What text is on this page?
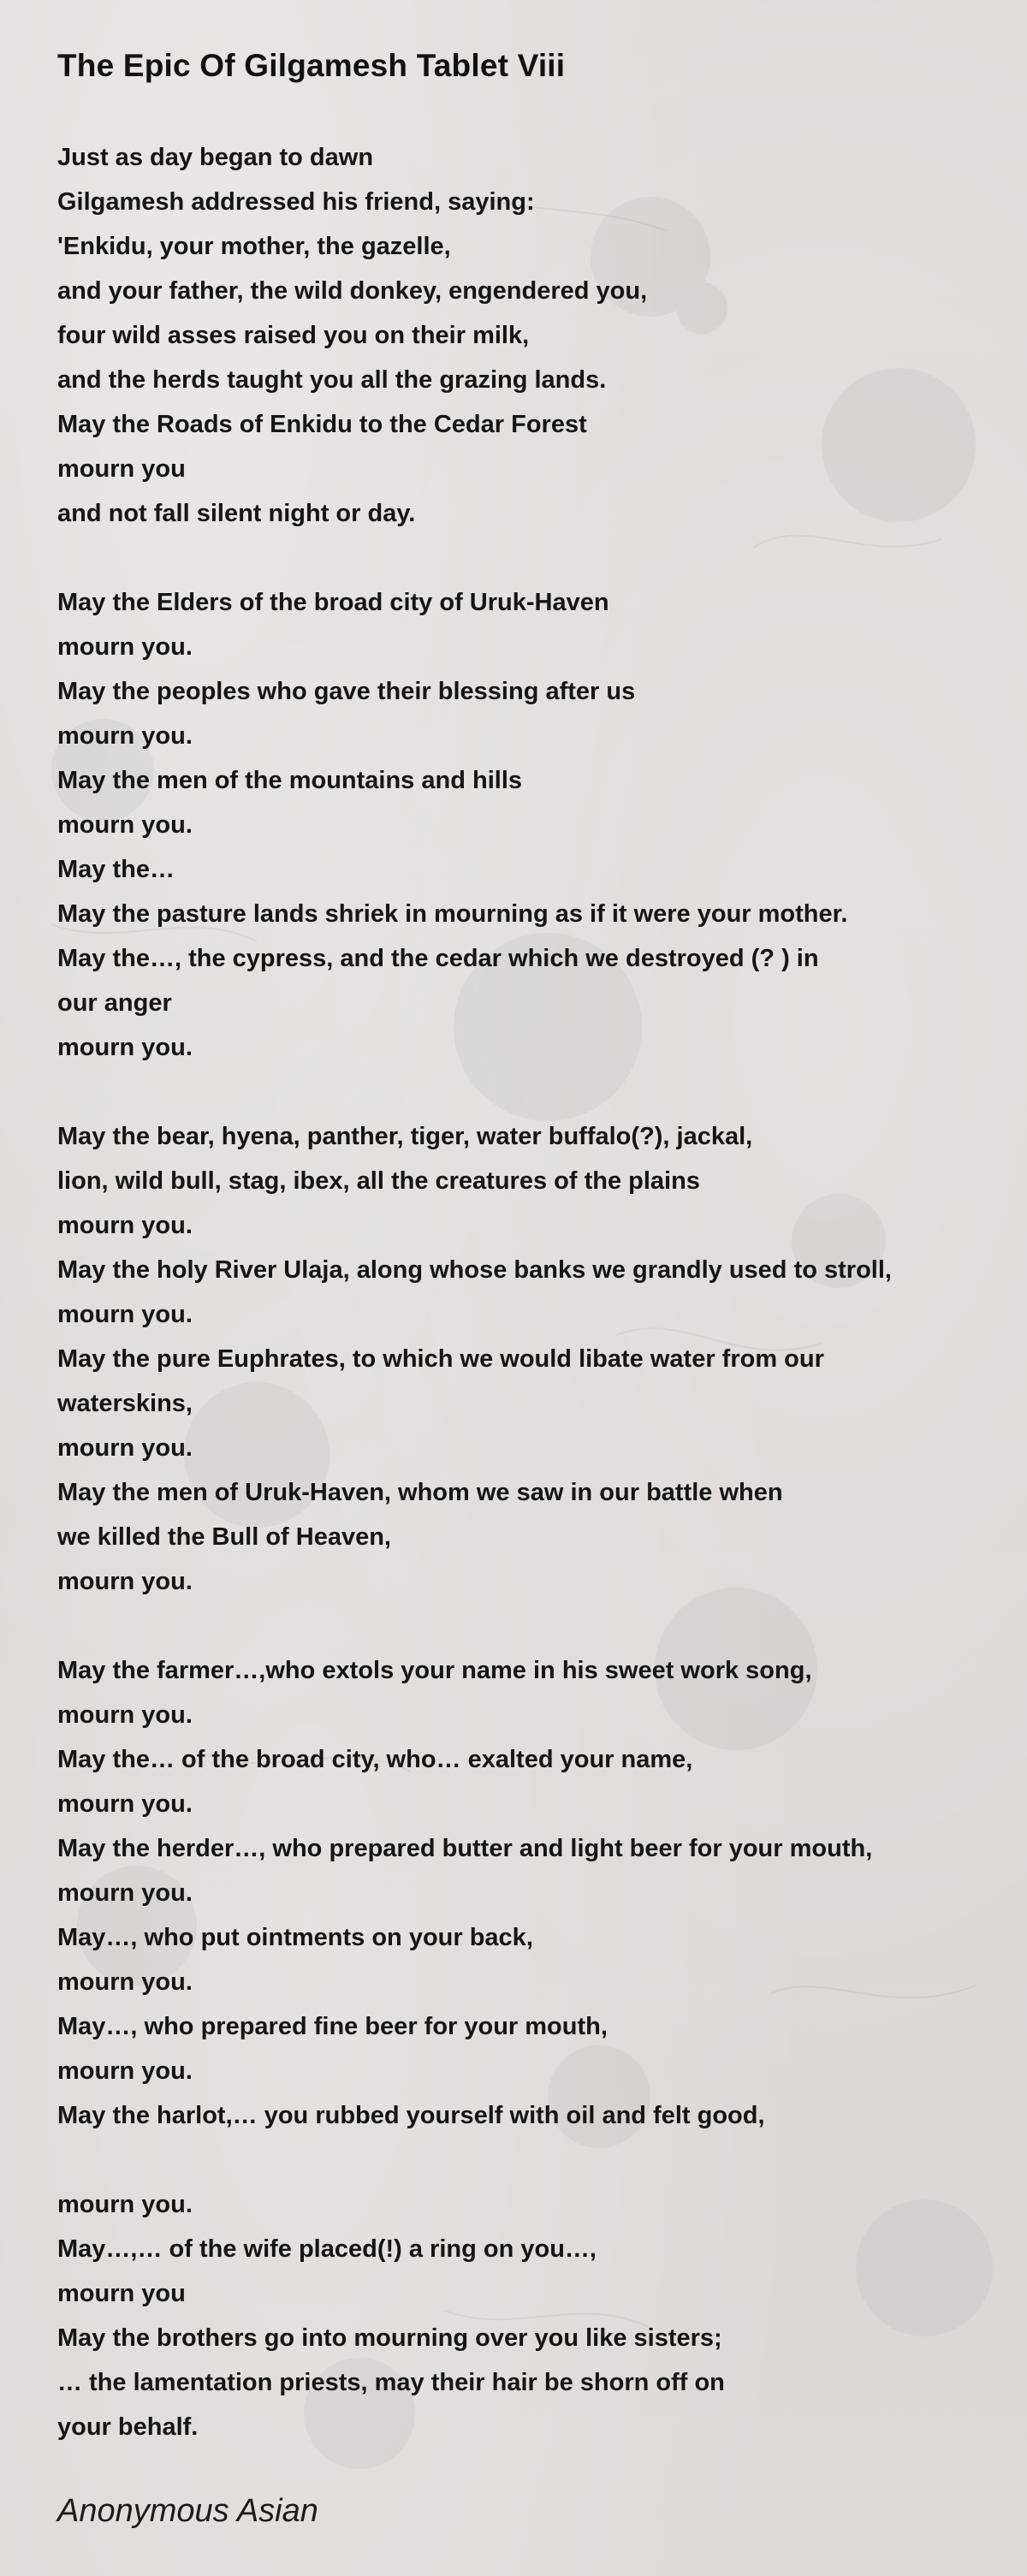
The Epic Of Gilgamesh Tablet Viii
Just as day began to dawn
Gilgamesh addressed his friend, saying:
'Enkidu, your mother, the gazelle,
and your father, the wild donkey, engendered you,
four wild asses raised you on their milk,
and the herds taught you all the grazing lands.
May the Roads of Enkidu to the Cedar Forest
mourn you
and not fall silent night or day.
May the Elders of the broad city of Uruk-Haven
mourn you.
May the peoples who gave their blessing after us
mourn you.
May the men of the mountains and hills
mourn you.
May the…
May the pasture lands shriek in mourning as if it were your mother.
May the…, the cypress, and the cedar which we destroyed (? ) in
our anger
mourn you.
May the bear, hyena, panther, tiger, water buffalo(?), jackal,
lion, wild bull, stag, ibex, all the creatures of the plains
mourn you.
May the holy River Ulaja, along whose banks we grandly used to stroll,
mourn you.
May the pure Euphrates, to which we would libate water from our
waterskins,
mourn you.
May the men of Uruk-Haven, whom we saw in our battle when
we killed the Bull of Heaven,
mourn you.
May the farmer…,who extols your name in his sweet work song,
mourn you.
May the… of the broad city, who… exalted your name,
mourn you.
May the herder…, who prepared butter and light beer for your mouth,
mourn you.
May…, who put ointments on your back,
mourn you.
May…, who prepared fine beer for your mouth,
mourn you.
May the harlot,… you rubbed yourself with oil and felt good,
mourn you.
May…,… of the wife placed(!) a ring on you…,
mourn you
May the brothers go into mourning over you like sisters;
… the lamentation priests, may their hair be shorn off on
your behalf.
Anonymous Asian
